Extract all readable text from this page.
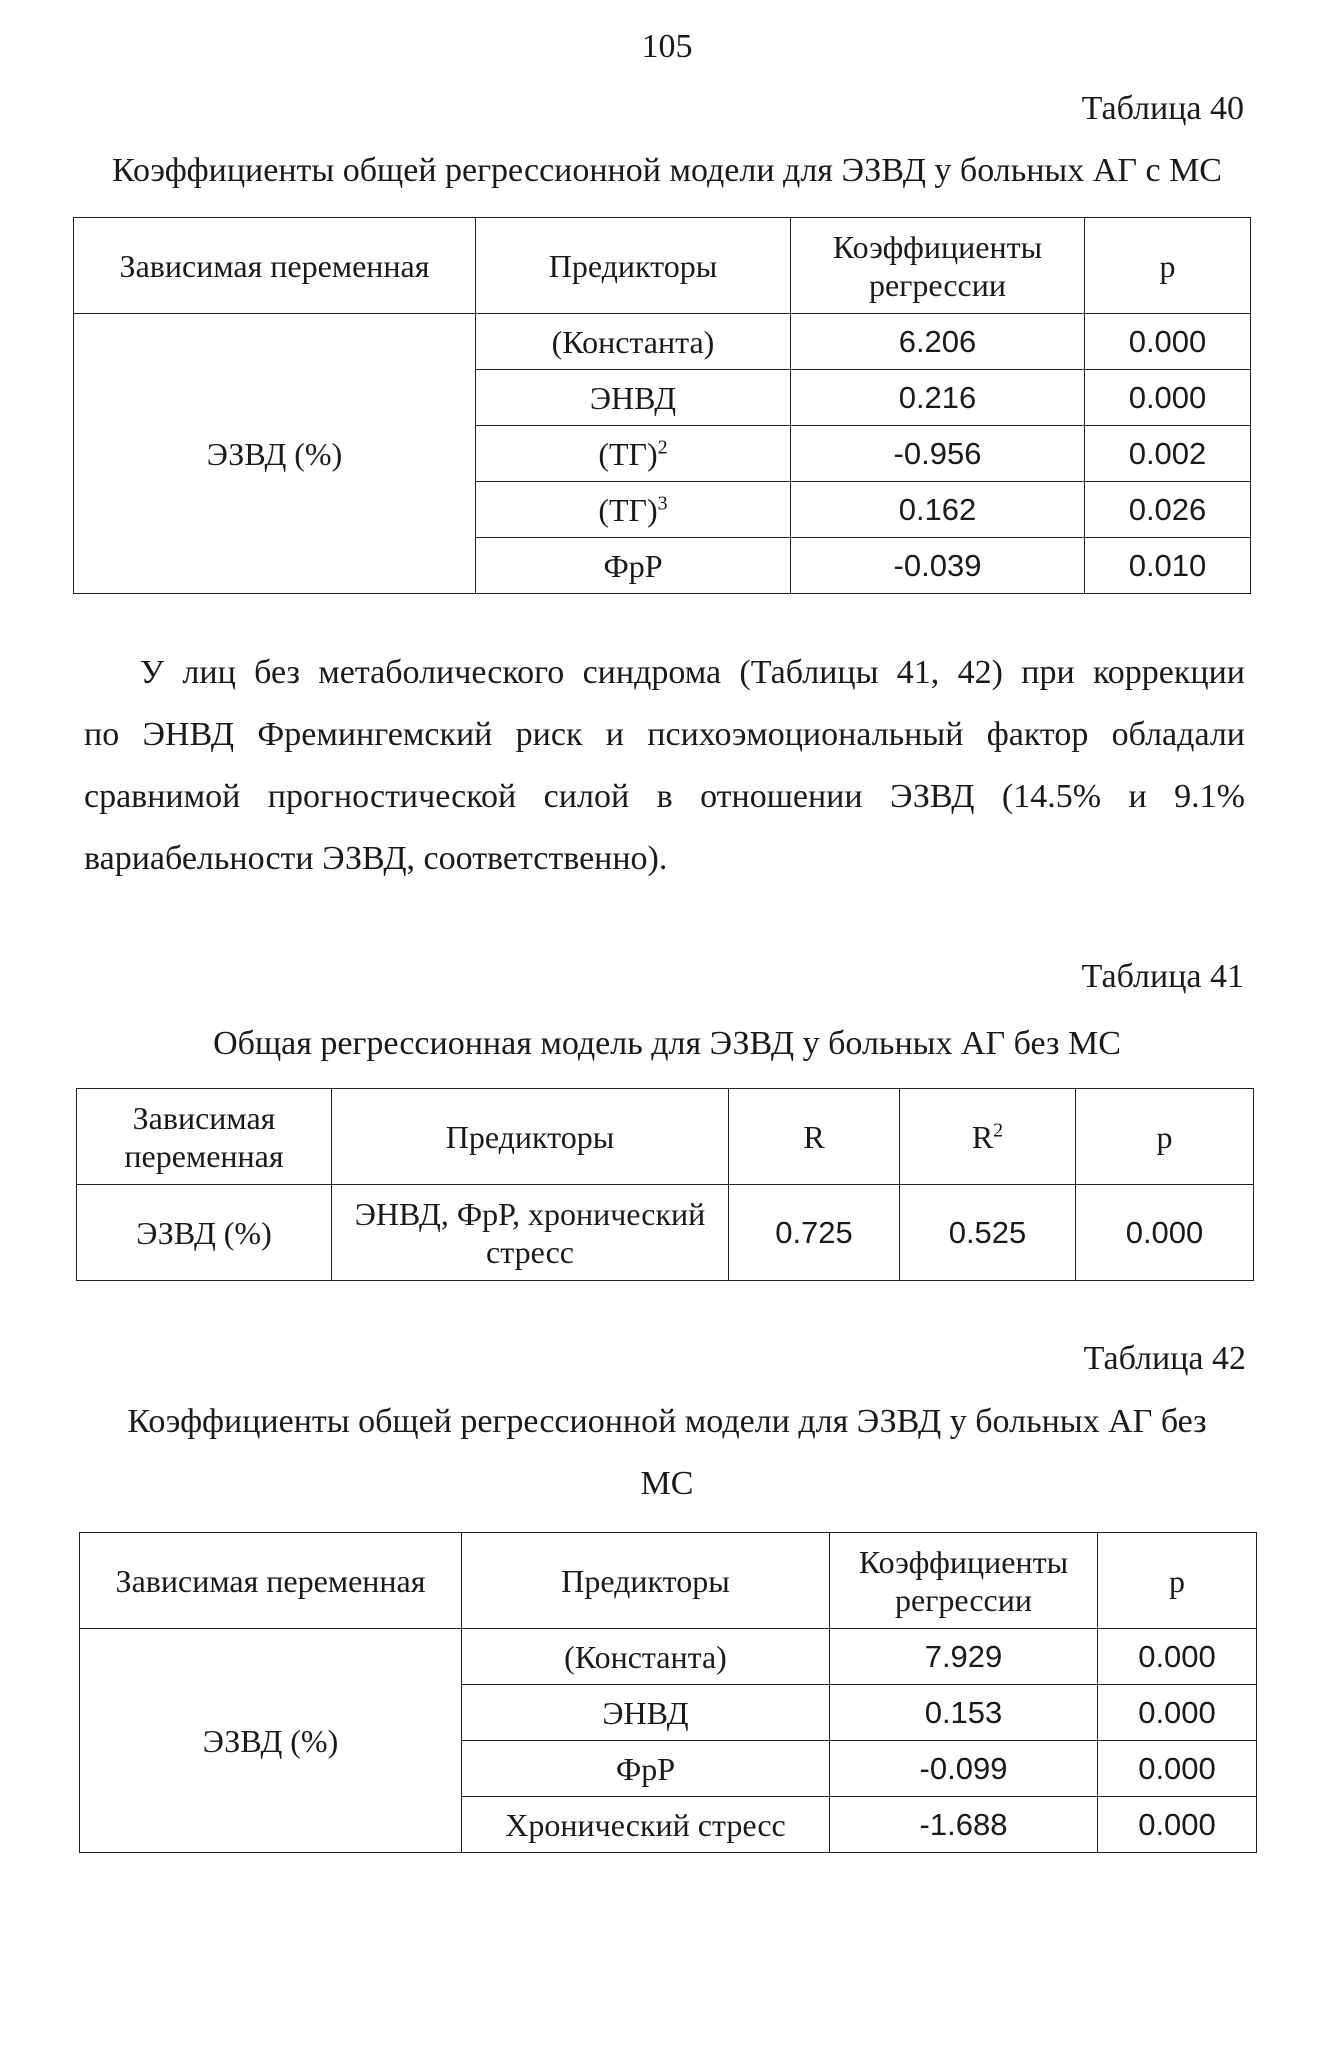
105
Таблица 40
Коэффициенты общей регрессионной модели для ЭЗВД у больных АГ с МС
Зависимая переменная	Предикторы	Коэффициенты регрессии	p
ЭЗВД (%)	(Константа)	6.206	0.000
	ЭНВД	0.216	0.000
	(ТГ)$^2$	-0.956	0.002
	(ТГ)$^3$	0.162	0.026
	ФрР	-0.039	0.010
У лиц без метаболического синдрома (Таблицы 41, 42) при коррекции
по ЭНВД Фремингемский риск и психоэмоциональный фактор обладали
сравнимой прогностической силой в отношении ЭЗВД (14.5% и 9.1%
вариабельности ЭЗВД, соответственно).
Таблица 41
Общая регрессионная модель для ЭЗВД у больных АГ без МС
Зависимая переменная	Предикторы	R	$R^2$	p
ЭЗВД (%)	ЭНВД, ФрР, хронический стресс	0.725	0.525	0.000
Таблица 42
Коэффициенты общей регрессионной модели для ЭЗВД у больных АГ без
МС
Зависимая переменная	Предикторы	Коэффициенты регрессии	p
ЭЗВД (%)	(Константа)	7.929	0.000
	ЭНВД	0.153	0.000
	ФрР	-0.099	0.000
	Хронический стресс	-1.688	0.000
